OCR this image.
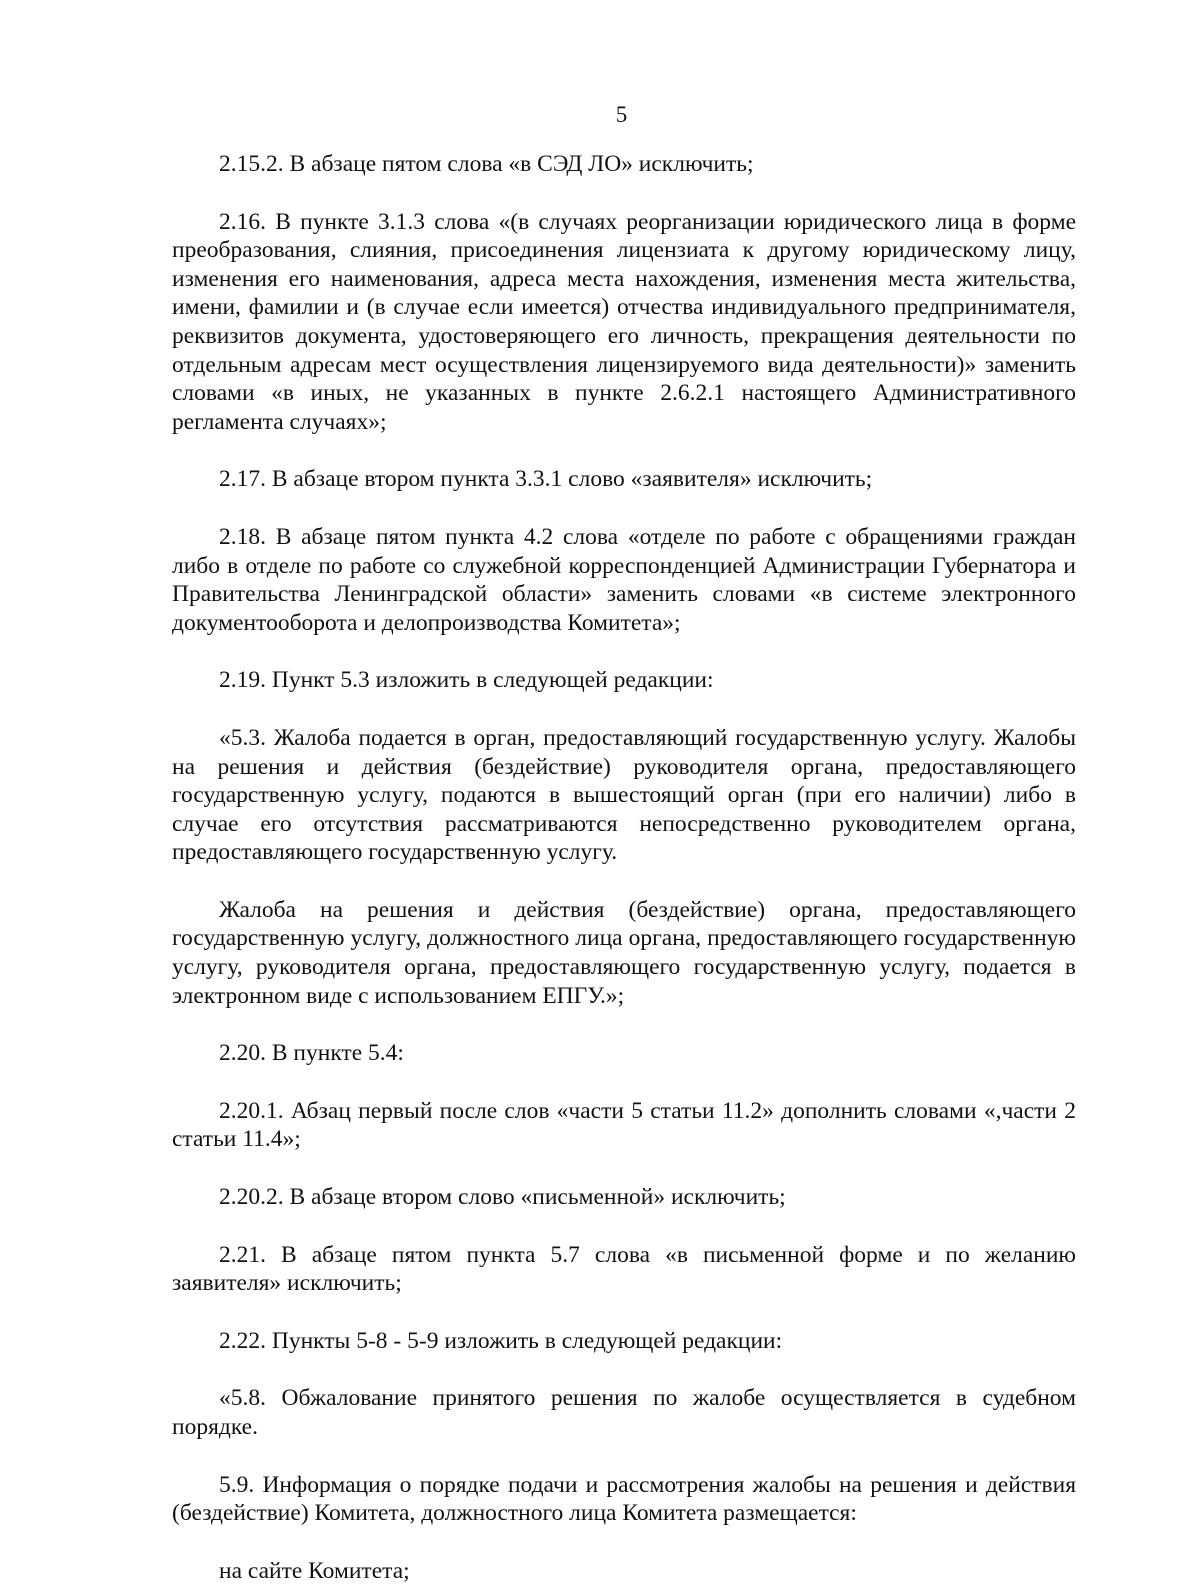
5

2.15.2. В абзаце пятом слова «в СЭД ЛО» исключить;

2.16. В пункте 3.1.3 слова «(в случаях реорганизации юридического лица в форме преобразования, слияния, присоединения лицензиата к другому юридическому лицу, изменения его наименования, адреса места нахождения, изменения места жительства, имени, фамилии и (в случае если имеется) отчества индивидуального предпринимателя, реквизитов документа, удостоверяющего его личность, прекращения деятельности по отдельным адресам мест осуществления лицензируемого вида деятельности)» заменить словами «в иных, не указанных в пункте 2.6.2.1 настоящего Административного регламента случаях»;

2.17. В абзаце втором пункта 3.3.1 слово «заявителя» исключить;

2.18. В абзаце пятом пункта 4.2 слова «отделе по работе с обращениями граждан либо в отделе по работе со служебной корреспонденцией Администрации Губернатора и Правительства Ленинградской области» заменить словами «в системе электронного документооборота и делопроизводства Комитета»;

2.19. Пункт 5.3 изложить в следующей редакции:

«5.3. Жалоба подается в орган, предоставляющий государственную услугу. Жалобы на решения и действия (бездействие) руководителя органа, предоставляющего государственную услугу, подаются в вышестоящий орган (при его наличии) либо в случае его отсутствия рассматриваются непосредственно руководителем органа, предоставляющего государственную услугу.

Жалоба на решения и действия (бездействие) органа, предоставляющего государственную услугу, должностного лица органа, предоставляющего государственную услугу, руководителя органа, предоставляющего государственную услугу, подается в электронном виде с использованием ЕПГУ.»;

2.20. В пункте 5.4:

2.20.1. Абзац первый после слов «части 5 статьи 11.2» дополнить словами «,части 2 статьи 11.4»;

2.20.2. В абзаце втором слово «письменной» исключить;

2.21. В абзаце пятом пункта 5.7 слова «в письменной форме и по желанию заявителя» исключить;

2.22. Пункты 5-8 - 5-9 изложить в следующей редакции:

«5.8. Обжалование принятого решения по жалобе осуществляется в судебном порядке.

5.9. Информация о порядке подачи и рассмотрения жалобы на решения и действия (бездействие) Комитета, должностного лица Комитета размещается:

на сайте Комитета;
